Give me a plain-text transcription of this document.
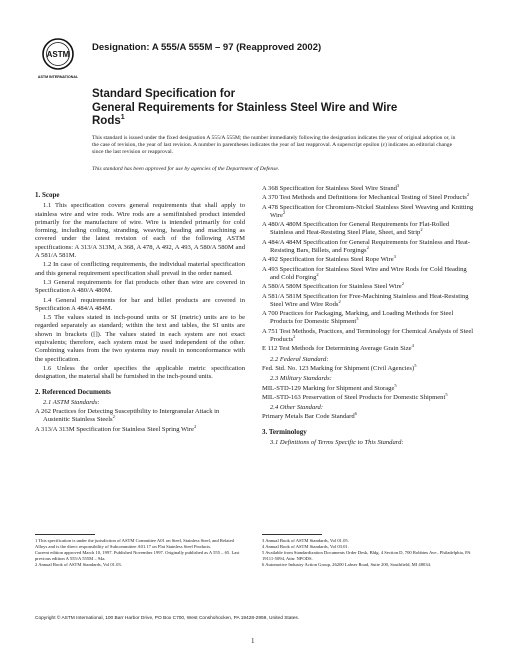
ASTM
ASTM INTERNATIONAL
Designation: A 555/A 555M – 97 (Reapproved 2002)
Standard Specification for
General Requirements for Stainless Steel Wire and Wire Rods$^1$
This standard is issued under the fixed designation A 555/A 555M; the number immediately following the designation indicates the year of original adoption or, in the case of revision, the year of last revision. A number in parentheses indicates the year of last reapproval. A superscript epsilon (ε) indicates an editorial change since the last revision or reapproval.
This standard has been approved for use by agencies of the Department of Defense.
1. Scope
1.1 This specification covers general requirements that shall apply to stainless wire and wire rods. Wire rods are a semifinished product intended primarily for the manufacture of wire. Wire is intended primarily for cold forming, including coiling, stranding, weaving, heading and machining as covered under the latest revision of each of the following ASTM specifications: A 313/A 313M, A 368, A 478, A 492, A 493, A 580/A 580M and A 581/A 581M.
1.2 In case of conflicting requirements, the individual material specification and this general requirement specification shall prevail in the order named.
1.3 General requirements for flat products other than wire are covered in Specification A 480/A 480M.
1.4 General requirements for bar and billet products are covered in Specification A 484/A 484M.
1.5 The values stated in inch-pound units or SI (metric) units are to be regarded separately as standard; within the text and tables, the SI units are shown in brackets ([]). The values stated in each system are not exact equivalents; therefore, each system must be used independent of the other. Combining values from the two systems may result in nonconformance with the specification.
1.6 Unless the order specifies the applicable metric specification designation, the material shall be furnished in the inch-pound units.
2. Referenced Documents
2.1 ASTM Standards:
A 262 Practices for Detecting Susceptibility to Intergranular Attack in Austenitic Stainless Steels$^2$
A 313/A 313M Specification for Stainless Steel Spring Wire$^2$
A 368 Specification for Stainless Steel Wire Strand$^3$
A 370 Test Methods and Definitions for Mechanical Testing of Steel Products$^2$
A 478 Specification for Chromium-Nickel Stainless Steel Weaving and Knitting Wire$^2$
A 480/A 480M Specification for General Requirements for Flat-Rolled Stainless and Heat-Resisting Steel Plate, Sheet, and Strip$^2$
A 484/A 484M Specification for General Requirements for Stainless and Heat-Resisting Bars, Billets, and Forgings$^2$
A 492 Specification for Stainless Steel Rope Wire$^3$
A 493 Specification for Stainless Steel Wire and Wire Rods for Cold Heading and Cold Forging$^2$
A 580/A 580M Specification for Stainless Steel Wire$^2$
A 581/A 581M Specification for Free-Machining Stainless and Heat-Resisting Steel Wire and Wire Rods$^2$
A 700 Practices for Packaging, Marking, and Loading Methods for Steel Products for Domestic Shipment$^3$
A 751 Test Methods, Practices, and Terminology for Chemical Analysis of Steel Products$^2$
E 112 Test Methods for Determining Average Grain Size$^4$
2.2 Federal Standard:
Fed. Std. No. 123 Marking for Shipment (Civil Agencies)$^5$
2.3 Military Standards:
MIL-STD-129 Marking for Shipment and Storage$^5$
MIL-STD-163 Preservation of Steel Products for Domestic Shipment$^5$
2.4 Other Standard:
Primary Metals Bar Code Standard$^6$
3. Terminology
3.1 Definitions of Terms Specific to This Standard:
1 This specification is under the jurisdiction of ASTM Committee A01 on Steel, Stainless Steel, and Related Alloys and is the direct responsibility of Subcommittee A01.17 on Flat Stainless Steel Products.
Current edition approved March 10, 1997. Published November 1997. Originally published as A 555 – 65. Last previous edition A 555/A 555M – 94a.
2 Annual Book of ASTM Standards, Vol 01.03.
3 Annual Book of ASTM Standards, Vol 01.05.
4 Annual Book of ASTM Standards, Vol 03.01.
5 Available from Standardization Documents Order Desk, Bldg. 4 Section D, 700 Robbins Ave., Philadelphia, PA 19111-5094, Attn: NPODS.
6 Automotive Industry Action Group, 26200 Lahser Road, Suite 200, Southfield, MI 48034.
Copyright © ASTM International, 100 Barr Harbor Drive, PO Box C700, West Conshohocken, PA 19428-2959, United States.
1
